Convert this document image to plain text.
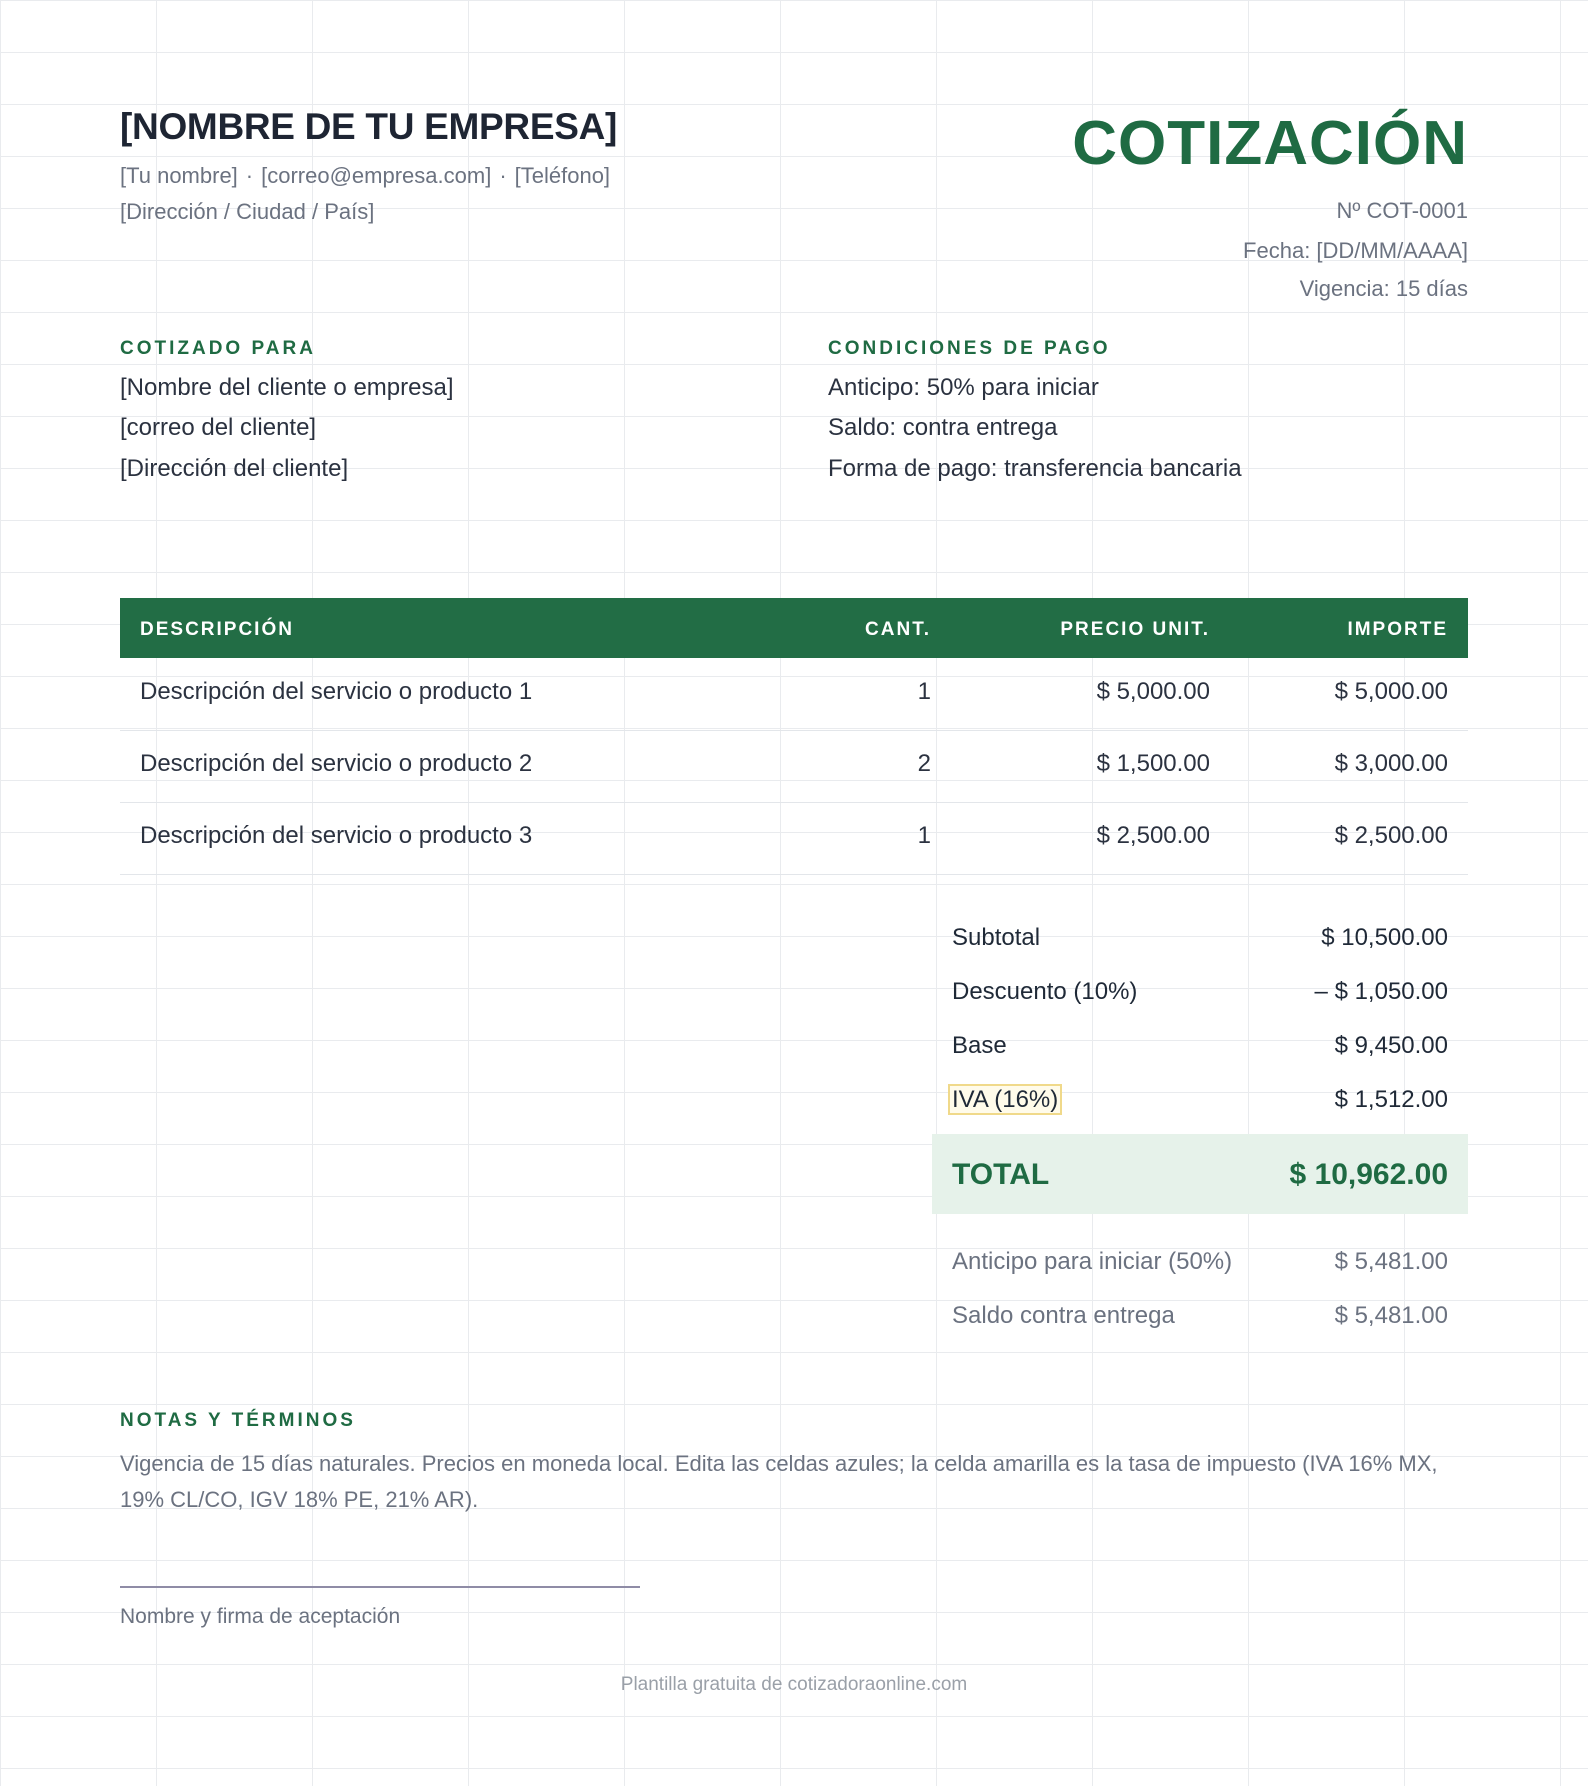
[NOMBRE DE TU EMPRESA]
[Tu nombre] · [correo@empresa.com] · [Teléfono]
[Dirección / Ciudad / País]
COTIZACIÓN
Nº COT-0001
Fecha: [DD/MM/AAAA]
Vigencia: 15 días
COTIZADO PARA
[Nombre del cliente o empresa]
[correo del cliente]
[Dirección del cliente]
CONDICIONES DE PAGO
Anticipo: 50% para iniciar
Saldo: contra entrega
Forma de pago: transferencia bancaria
DESCRIPCIÓN	CANT.	PRECIO UNIT.	IMPORTE
Descripción del servicio o producto 1	1	$ 5,000.00	$ 5,000.00
Descripción del servicio o producto 2	2	$ 1,500.00	$ 3,000.00
Descripción del servicio o producto 3	1	$ 2,500.00	$ 2,500.00
Subtotal	$ 10,500.00
Descuento (10%)	– $ 1,050.00
Base	$ 9,450.00
IVA (16%)	$ 1,512.00
TOTAL	$ 10,962.00
Anticipo para iniciar (50%)	$ 5,481.00
Saldo contra entrega	$ 5,481.00
NOTAS Y TÉRMINOS
Vigencia de 15 días naturales. Precios en moneda local. Edita las celdas azules; la celda amarilla es la tasa de impuesto (IVA 16% MX, 19% CL/CO, IGV 18% PE, 21% AR).
Nombre y firma de aceptación
Plantilla gratuita de cotizadoraonline.com
